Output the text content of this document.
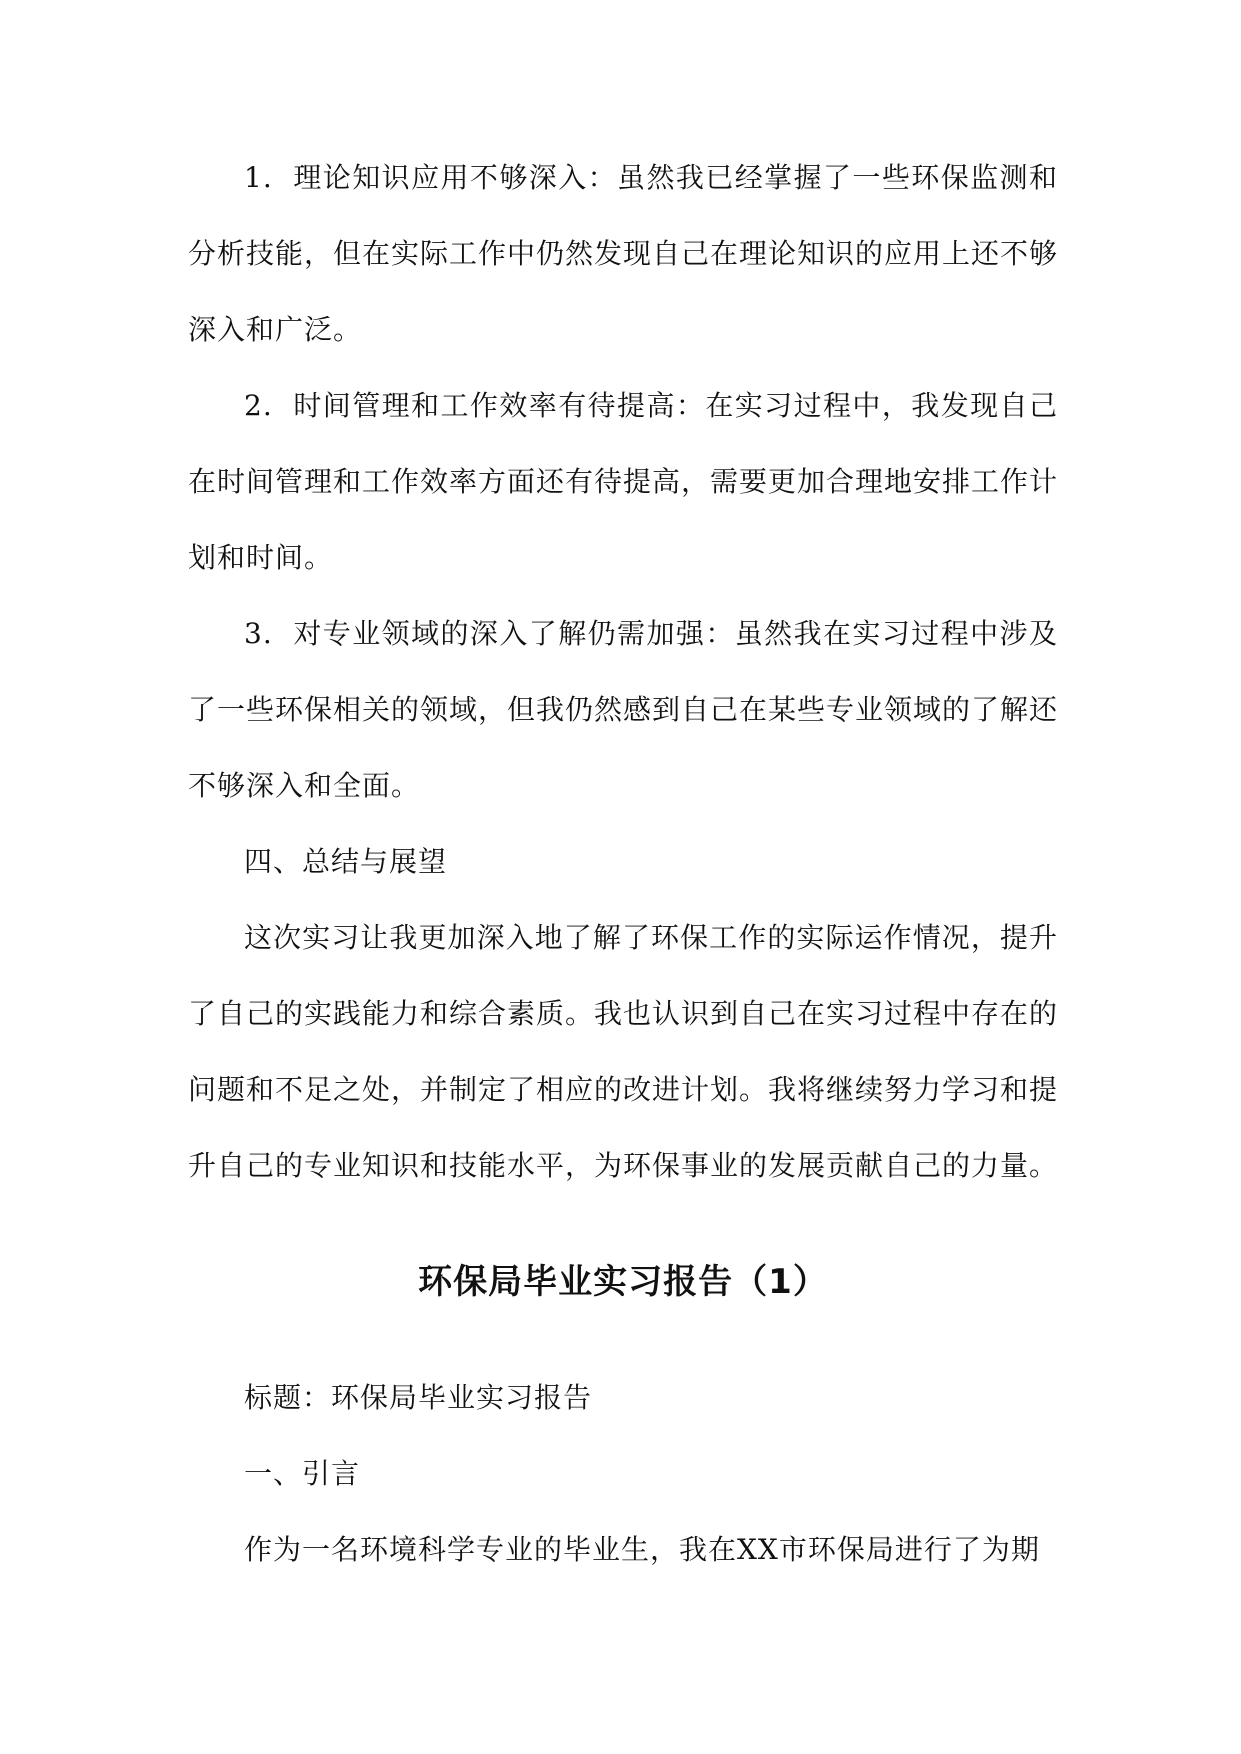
1. 理论知识应用不够深入：虽然我已经掌握了一些环保监测和分析技能，但在实际工作中仍然发现自己在理论知识的应用上还不够深入和广泛。

2. 时间管理和工作效率有待提高：在实习过程中，我发现自己在时间管理和工作效率方面还有待提高，需要更加合理地安排工作计划和时间。

3. 对专业领域的深入了解仍需加强：虽然我在实习过程中涉及了一些环保相关的领域，但我仍然感到自己在某些专业领域的了解还不够深入和全面。

四、总结与展望

这次实习让我更加深入地了解了环保工作的实际运作情况，提升了自己的实践能力和综合素质。我也认识到自己在实习过程中存在的问题和不足之处，并制定了相应的改进计划。我将继续努力学习和提升自己的专业知识和技能水平，为环保事业的发展贡献自己的力量。

环保局毕业实习报告（1）

标题：环保局毕业实习报告

一、引言

作为一名环境科学专业的毕业生，我在XX市环保局进行了为期
